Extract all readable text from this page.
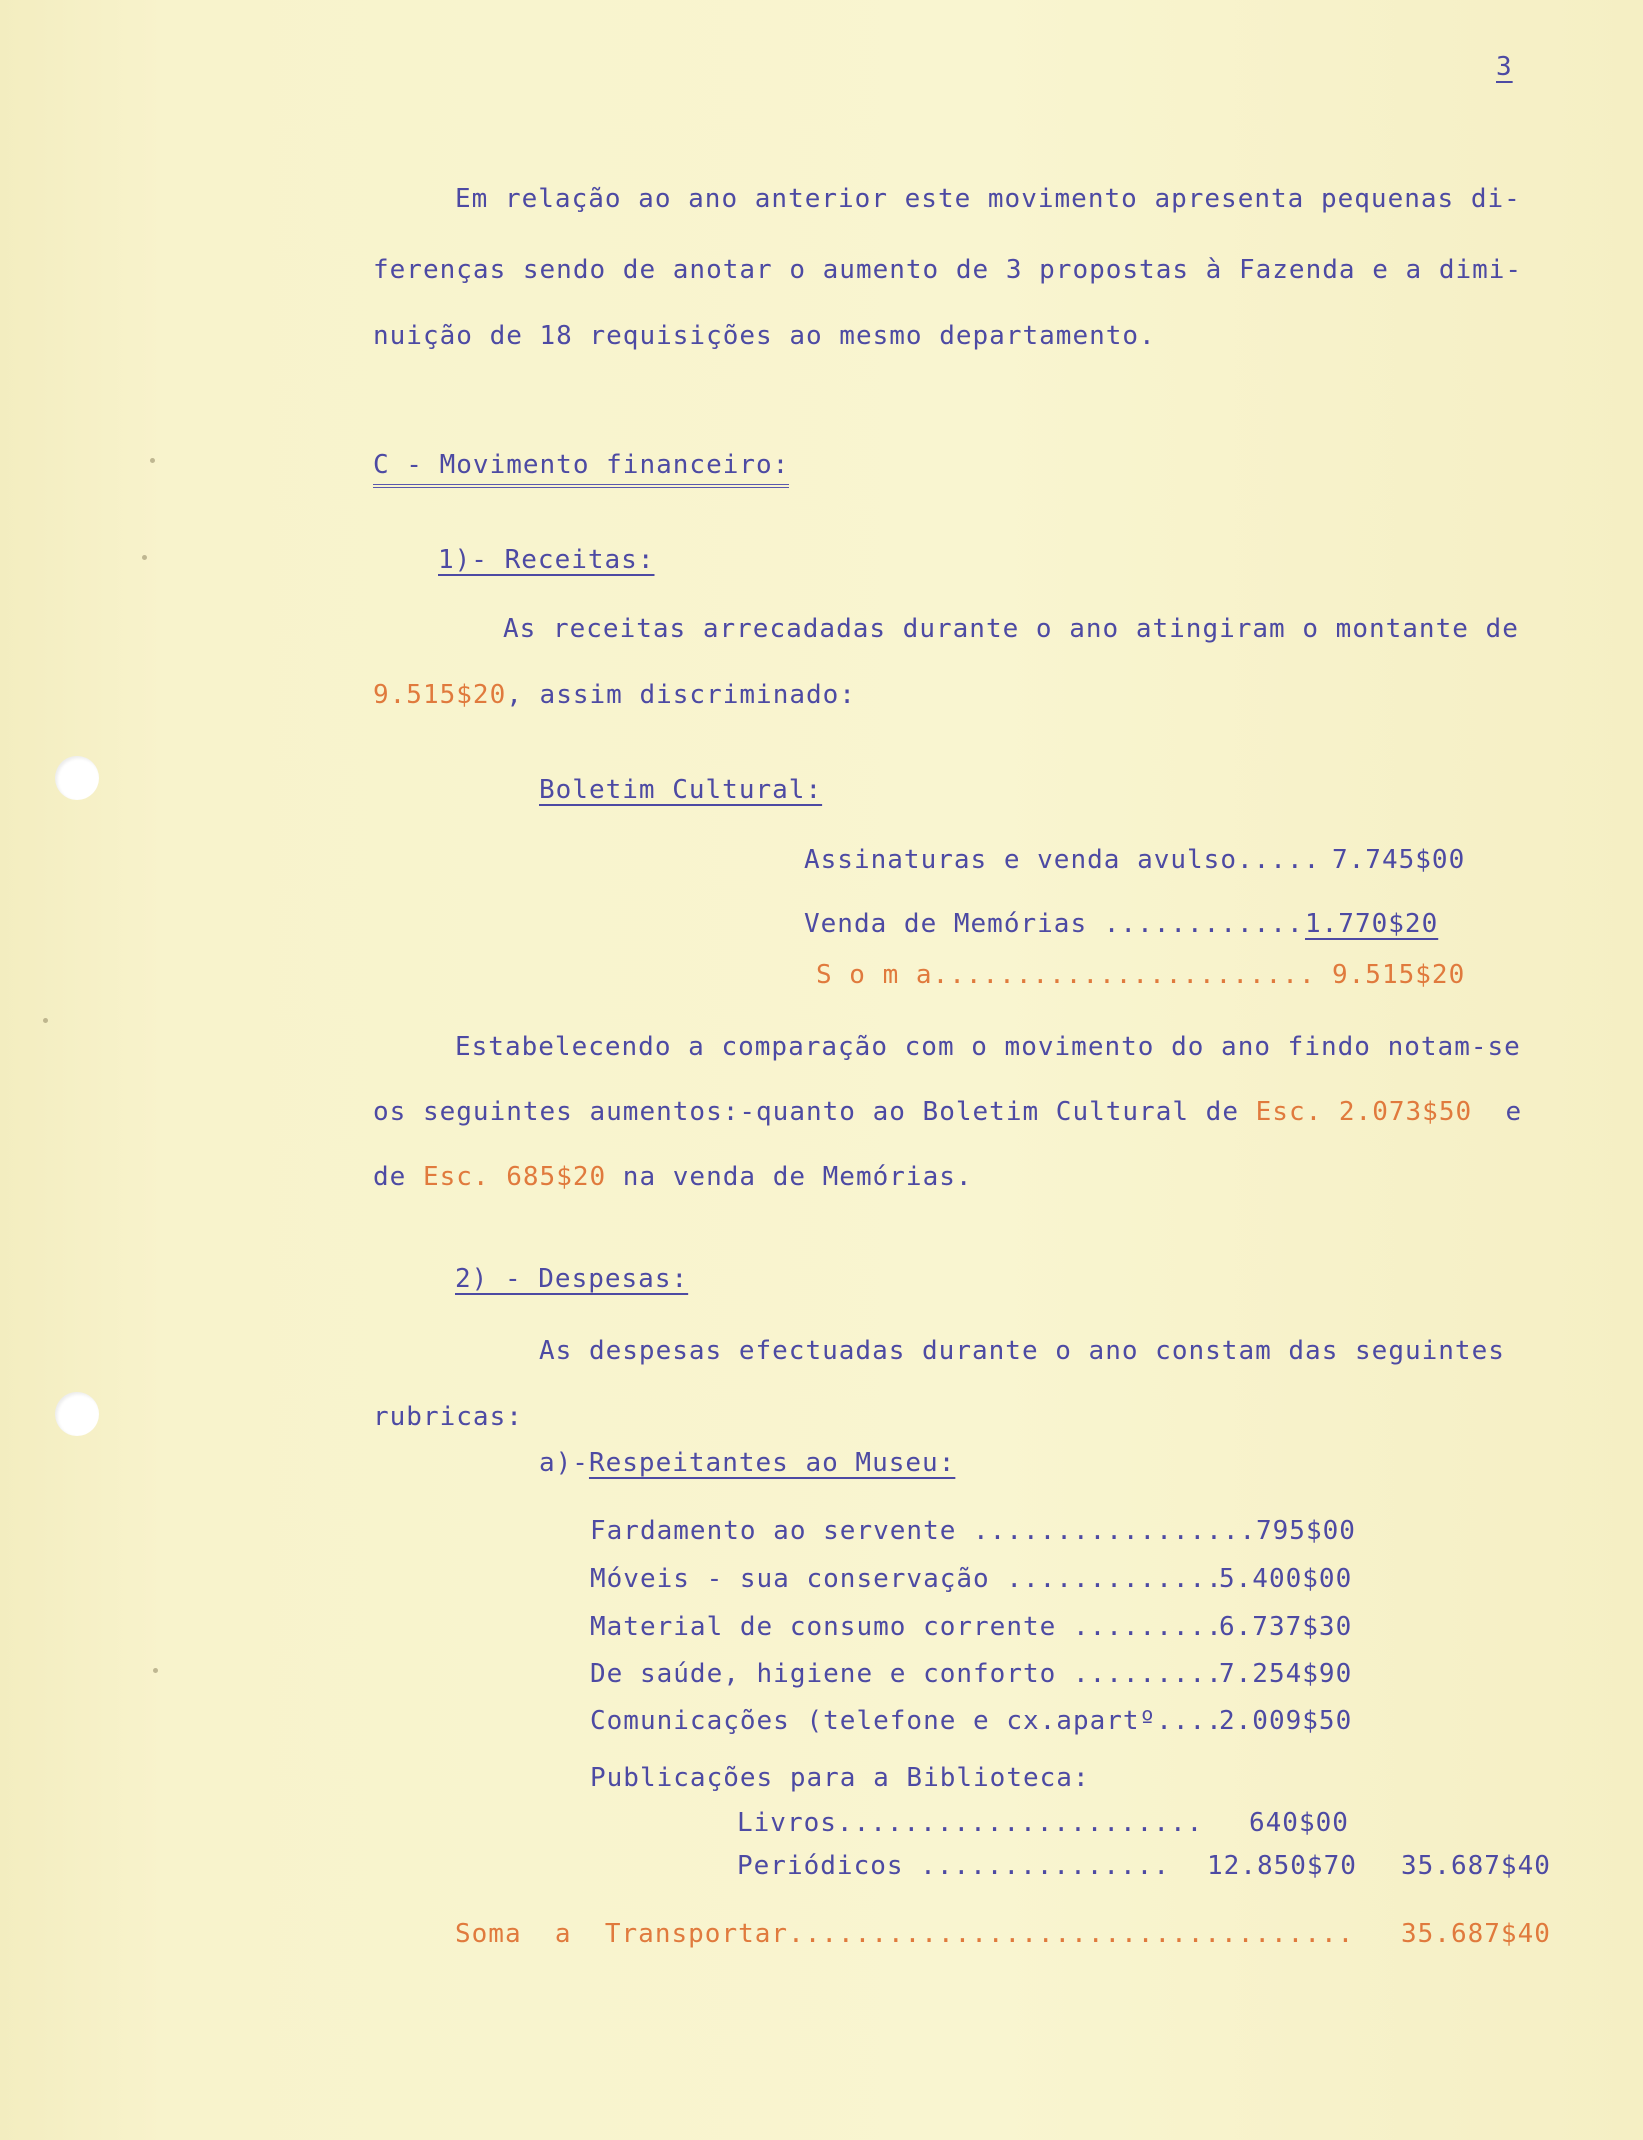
3
Em relação ao ano anterior este movimento apresenta pequenas di-
ferenças sendo de anotar o aumento de 3 propostas à Fazenda e a dimi-
nuição de 18 requisições ao mesmo departamento.
C - Movimento financeiro:
1)- Receitas:
As receitas arrecadadas durante o ano atingiram o montante de
9.515$20, assim discriminado:
Boletim Cultural:
Assinaturas e venda avulso.....
7.745$00
Venda de Memórias ............ 1.770$20
S o m a....................... 9.515$20
Estabelecendo a comparação com o movimento do ano findo notam-se
os seguintes aumentos:-quanto ao Boletim Cultural de Esc. 2.073$50  e
de Esc. 685$20 na venda de Memórias.
2) - Despesas:
As despesas efectuadas durante o ano constam das seguintes
rubricas:
a)-Respeitantes ao Museu:
Fardamento ao servente ................. 795$00
Móveis - sua conservação .............
5.400$00
Material de consumo corrente .........
6.737$30
De saúde, higiene e conforto .........
7.254$90
Comunicações (telefone e cx.apartº....
2.009$50
Publicações para a Biblioteca:
Livros...................... 640$00
Periódicos ............... 12.850$70 35.687$40
Soma  a  Transportar.................................. 35.687$40
